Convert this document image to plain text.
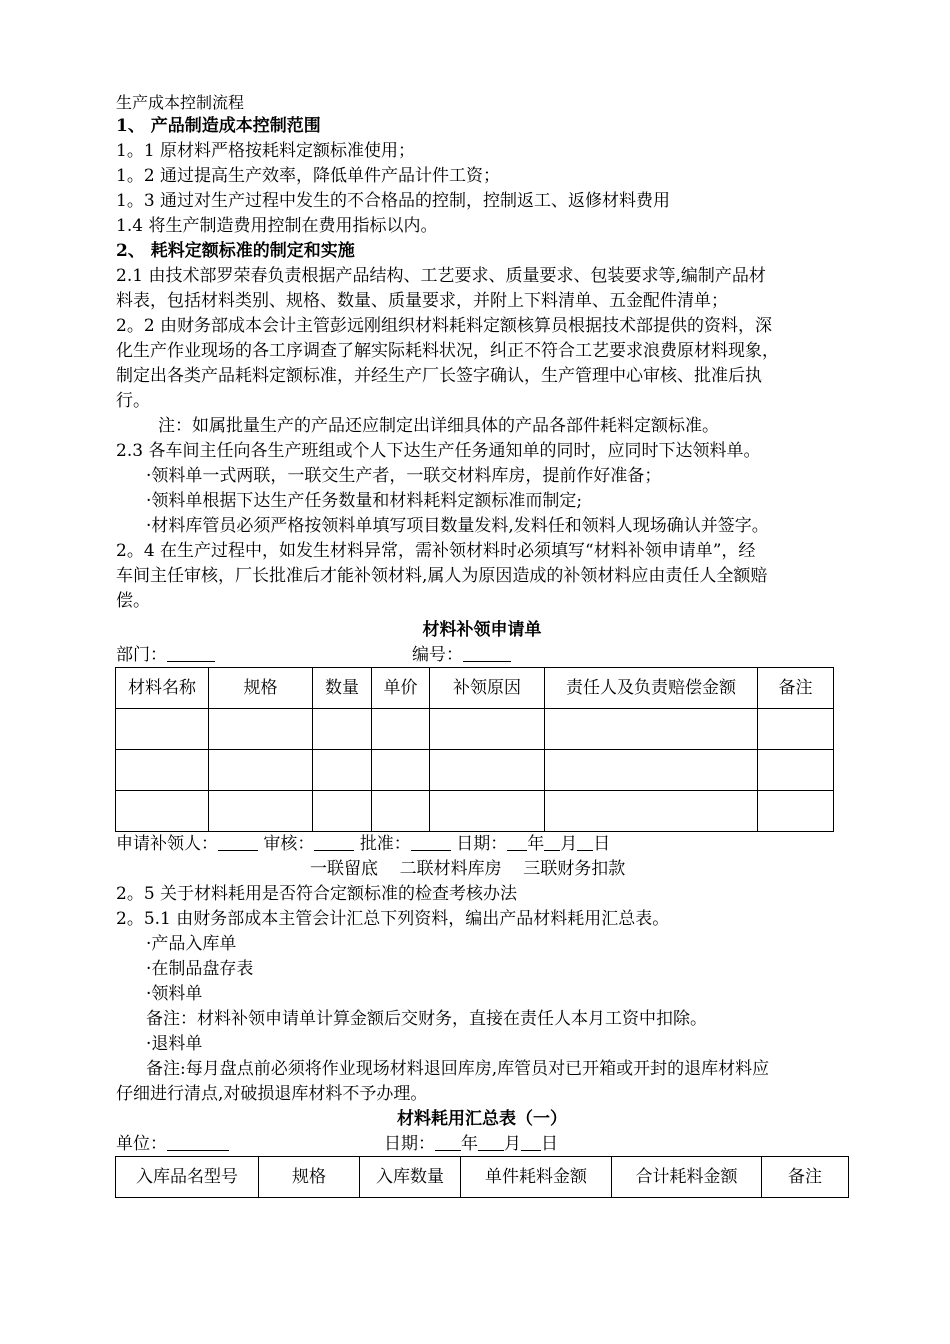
生产成本控制流程

1、 产品制造成本控制范围

1。1 原材料严格按耗料定额标准使用；

1。2 通过提高生产效率，降低单件产品计件工资；

1。3 通过对生产过程中发生的不合格品的控制，控制返工、返修材料费用

1.4 将生产制造费用控制在费用指标以内。

2、 耗料定额标准的制定和实施

2.1 由技术部罗荣春负责根据产品结构、工艺要求、质量要求、包装要求等,编制产品材

料表，包括材料类别、规格、数量、质量要求，并附上下料清单、五金配件清单；

2。2 由财务部成本会计主管彭远刚组织材料耗料定额核算员根据技术部提供的资料，深

化生产作业现场的各工序调查了解实际耗料状况，纠正不符合工艺要求浪费原材料现象，

制定出各类产品耗料定额标准，并经生产厂长签字确认，生产管理中心审核、批准后执

行。

注：如属批量生产的产品还应制定出详细具体的产品各部件耗料定额标准。

2.3 各车间主任向各生产班组或个人下达生产任务通知单的同时，应同时下达领料单。

·领料单一式两联，一联交生产者，一联交材料库房，提前作好准备；

·领料单根据下达生产任务数量和材料耗料定额标准而制定;

·材料库管员必须严格按领料单填写项目数量发料,发料任和领料人现场确认并签字。

2。4 在生产过程中，如发生材料异常，需补领材料时必须填写“材料补领申请单”，经

车间主任审核，厂长批准后才能补领材料,属人为原因造成的补领材料应由责任人全额赔

偿。

材料补领申请单

部门：	编号：
材料名称	规格	数量	单价	补领原因	责任人及负责赔偿金额	备注

申请补领人：	审核：	批准：	日期： 年 月 日

一联留底    二联材料库房    三联财务扣款

2。5 关于材料耗用是否符合定额标准的检查考核办法

2。5.1 由财务部成本主管会计汇总下列资料，编出产品材料耗用汇总表。

·产品入库单

·在制品盘存表

·领料单

备注：材料补领申请单计算金额后交财务，直接在责任人本月工资中扣除。

·退料单

备注:每月盘点前必须将作业现场材料退回库房,库管员对已开箱或开封的退库材料应

仔细进行清点,对破损退库材料不予办理。

材料耗用汇总表（一）

单位：	日期： 年 月 日
入库品名型号	规格	入库数量	单件耗料金额	合计耗料金额	备注
